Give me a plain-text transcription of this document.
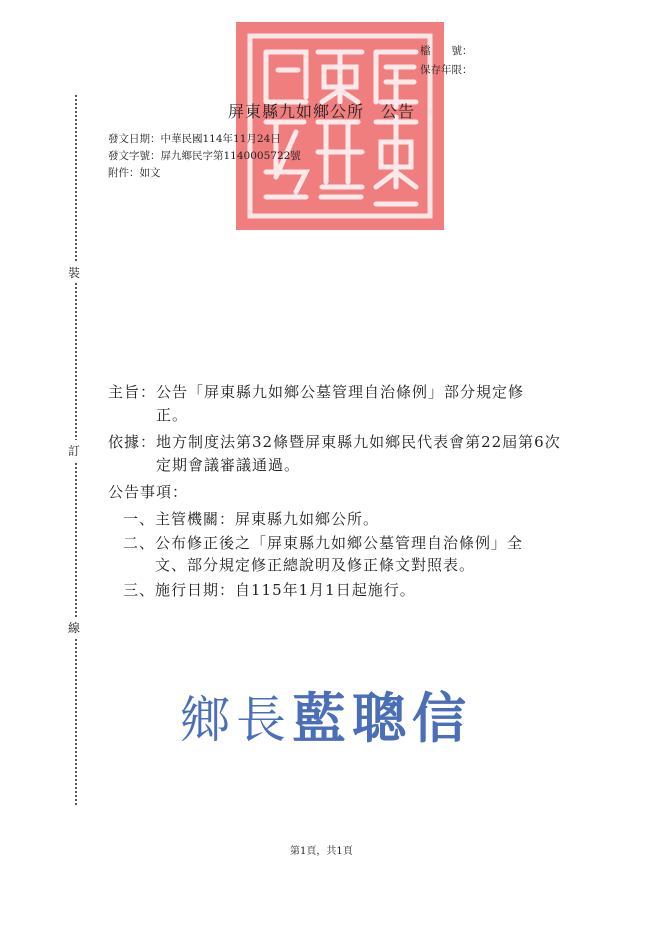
檔　　號：
保存年限：
屏東縣九如鄉公所　公告
發文日期：中華民國114年11月24日
發文字號：屏九鄉民字第1140005722號
附件：如文
裝
訂
線
主旨：公告「屏東縣九如鄉公墓管理自治條例」部分規定修
正。
依據：地方制度法第32條暨屏東縣九如鄉民代表會第22屆第6次
定期會議審議通過。
公告事項：
一、主管機關：屏東縣九如鄉公所。
二、公布修正後之「屏東縣九如鄉公墓管理自治條例」全
文、部分規定修正總說明及修正條文對照表。
三、施行日期：自115年1月1日起施行。
鄉長藍聰信
第1頁，共1頁
